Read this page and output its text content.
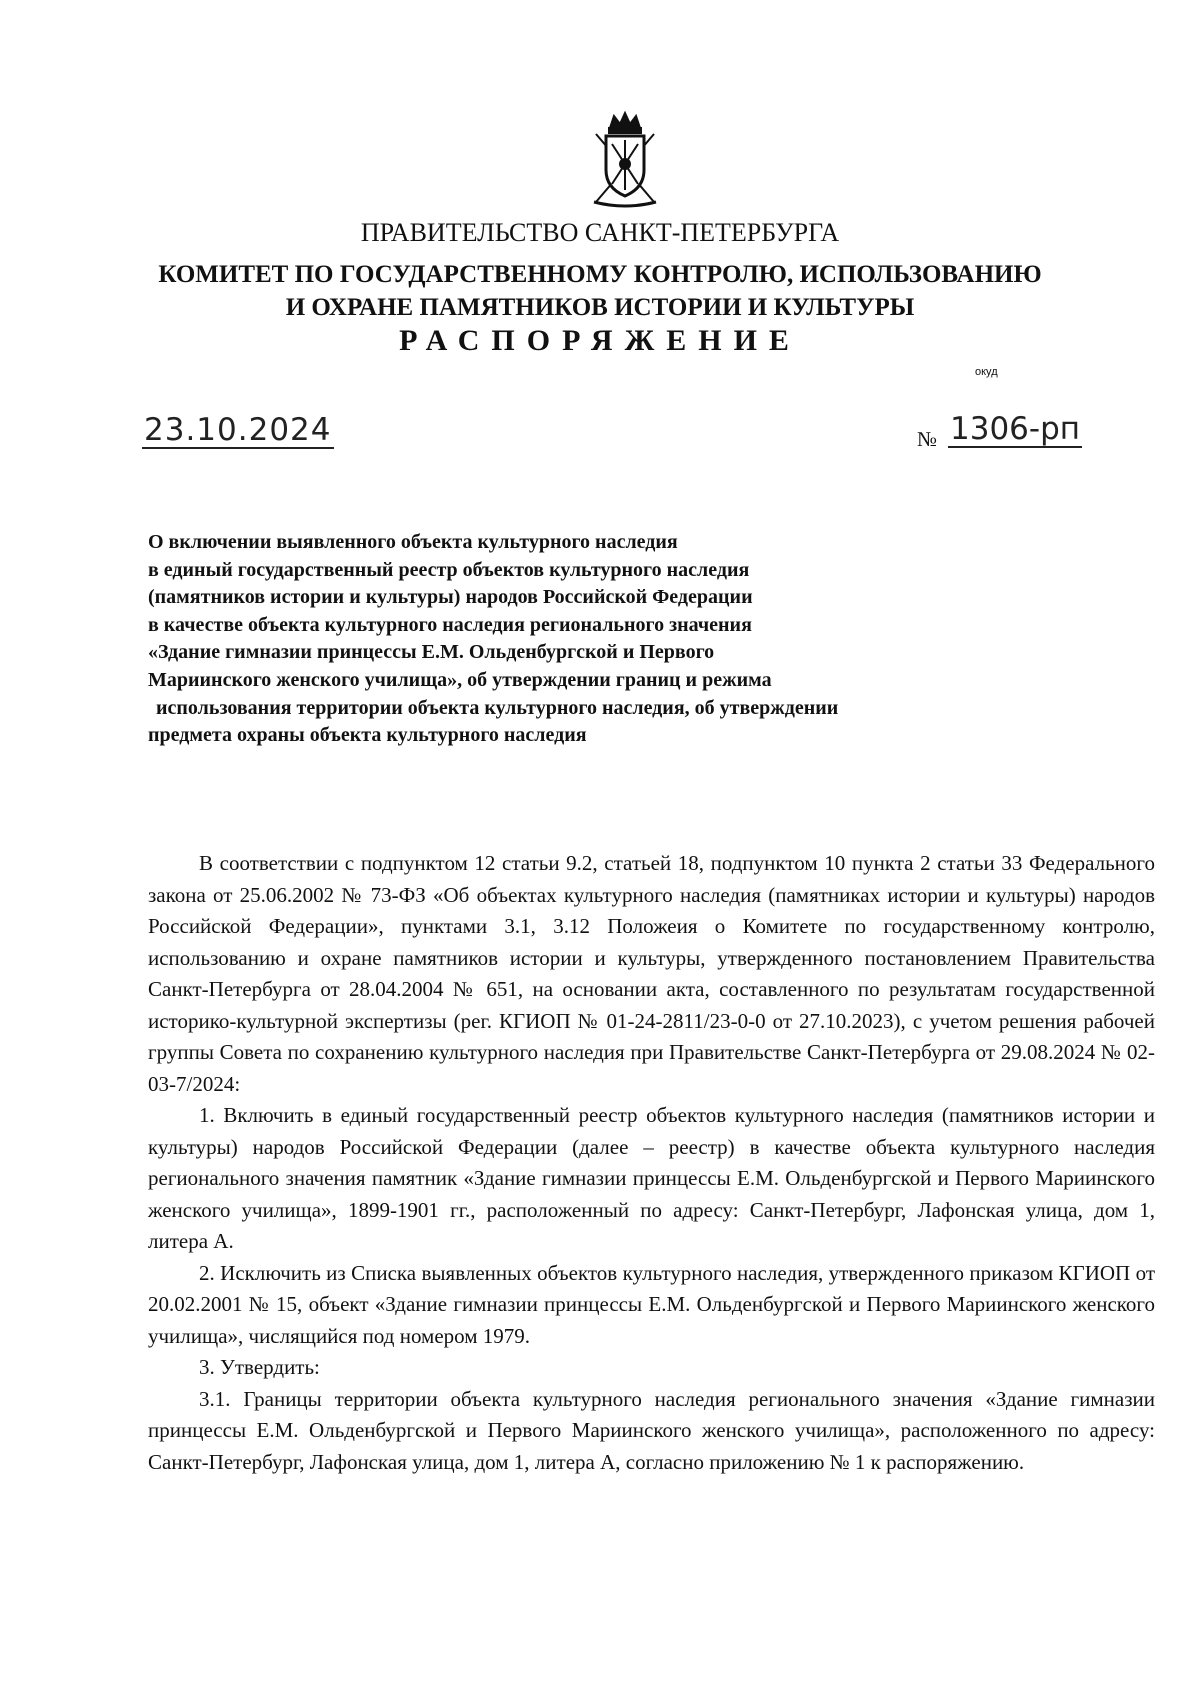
ПРАВИТЕЛЬСТВО САНКТ-ПЕТЕРБУРГА
КОМИТЕТ ПО ГОСУДАРСТВЕННОМУ КОНТРОЛЮ, ИСПОЛЬЗОВАНИЮ
И ОХРАНЕ ПАМЯТНИКОВ ИСТОРИИ И КУЛЬТУРЫ
РАСПОРЯЖЕНИЕ
окуд
23.10.2024	№ 1306-рп
О включении выявленного объекта культурного наследия
в единый государственный реестр объектов культурного наследия
(памятников истории и культуры) народов Российской Федерации
в качестве объекта культурного наследия регионального значения
«Здание гимназии принцессы Е.М. Ольденбургской и Первого
Мариинского женского училища», об утверждении границ и режима
использования территории объекта культурного наследия, об утверждении
предмета охраны объекта культурного наследия

В соответствии с подпунктом 12 статьи 9.2, статьей 18, подпунктом 10 пункта 2 статьи 33 Федерального закона от 25.06.2002 № 73-ФЗ «Об объектах культурного наследия (памятниках истории и культуры) народов Российской Федерации», пунктами 3.1, 3.12 Положеия о Комитете по государственному контролю, использованию и охране памятников истории и культуры, утвержденного постановлением Правительства Санкт-Петербурга от 28.04.2004 № 651, на основании акта, составленного по результатам государственной историко-культурной экспертизы (рег. КГИОП № 01-24-2811/23-0-0 от 27.10.2023), с учетом решения рабочей группы Совета по сохранению культурного наследия при Правительстве Санкт-Петербурга от 29.08.2024 № 02-03-7/2024:

1. Включить в единый государственный реестр объектов культурного наследия (памятников истории и культуры) народов Российской Федерации (далее – реестр) в качестве объекта культурного наследия регионального значения памятник «Здание гимназии принцессы Е.М. Ольденбургской и Первого Мариинского женского училища», 1899-1901 гг., расположенный по адресу: Санкт-Петербург, Лафонская улица, дом 1, литера А.

2. Исключить из Списка выявленных объектов культурного наследия, утвержденного приказом КГИОП от 20.02.2001 № 15, объект «Здание гимназии принцессы Е.М. Ольденбургской и Первого Мариинского женского училища», числящийся под номером 1979.

3. Утвердить:

3.1. Границы территории объекта культурного наследия регионального значения «Здание гимназии принцессы Е.М. Ольденбургской и Первого Мариинского женского училища», расположенного по адресу: Санкт-Петербург, Лафонская улица, дом 1, литера А, согласно приложению № 1 к распоряжению.
